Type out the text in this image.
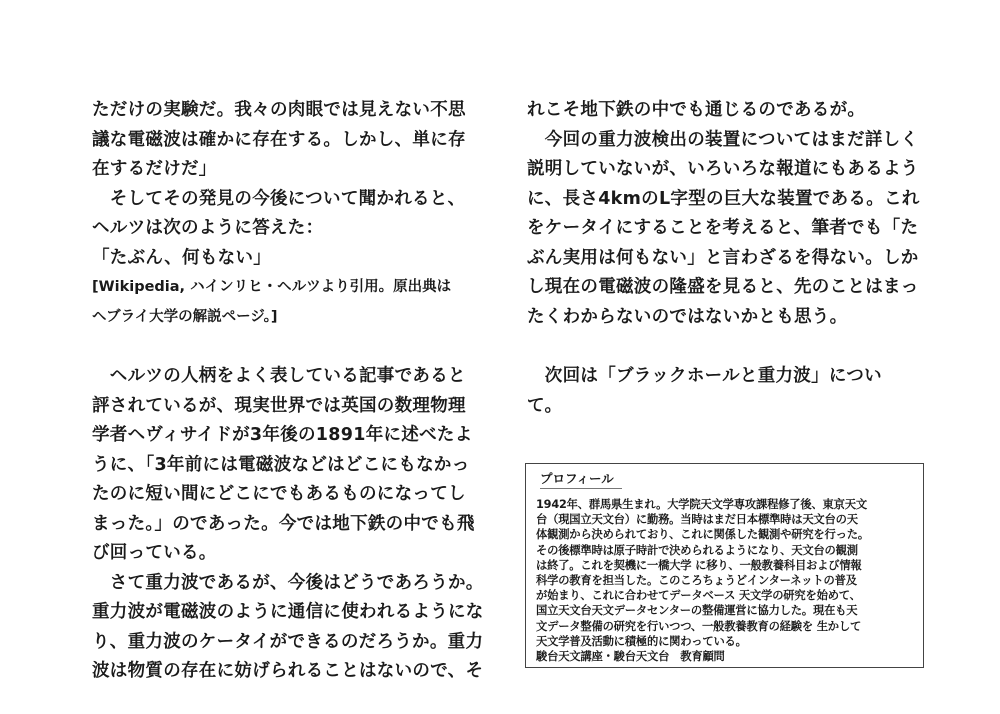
ただけの実験だ。我々の肉眼では見えない不思
議な電磁波は確かに存在する。しかし、単に存
在するだけだ」
　そしてその発見の今後について聞かれると、
ヘルツは次のように答えた：
「たぶん、何もない」
[Wikipedia, ハインリヒ・ヘルツより引用。原出典は
ヘブライ大学の解説ページ。]
　ヘルツの人柄をよく表している記事であると
評されているが、現実世界では英国の数理物理
学者ヘヴィサイドが3年後の1891年に述べたよ
うに、「3年前には電磁波などはどこにもなかっ
たのに短い間にどこにでもあるものになってし
まった。」のであった。今では地下鉄の中でも飛
び回っている。
　さて重力波であるが、今後はどうであろうか。
重力波が電磁波のように通信に使われるようにな
り、重力波のケータイができるのだろうか。重力
波は物質の存在に妨げられることはないので、そ
れこそ地下鉄の中でも通じるのであるが。
　今回の重力波検出の装置についてはまだ詳しく
説明していないが、いろいろな報道にもあるよう
に、長さ4kmのL字型の巨大な装置である。これ
をケータイにすることを考えると、筆者でも「た
ぶん実用は何もない」と言わざるを得ない。しか
し現在の電磁波の隆盛を見ると、先のことはまっ
たくわからないのではないかとも思う。
　次回は「ブラックホールと重力波」につい
て。
プロフィール
1942年、群馬県生まれ。大学院天文学専攻課程修了後、東京天文
台（現国立天文台）に勤務。当時はまだ日本標準時は天文台の天
体観測から決められており、これに関係した観測や研究を行った。
その後標準時は原子時計で決められるようになり、天文台の観測
は終了。これを契機に一橋大学 に移り、一般教養科目および情報
科学の教育を担当した。このころちょうどインターネットの普及
が始まり、これに合わせてデータベース 天文学の研究を始めて、
国立天文台天文データセンターの整備運営に協力した。現在も天
文データ整備の研究を行いつつ、一般教養教育の経験を 生かして
天文学普及活動に積極的に関わっている。
駿台天文講座・駿台天文台　教育顧問
